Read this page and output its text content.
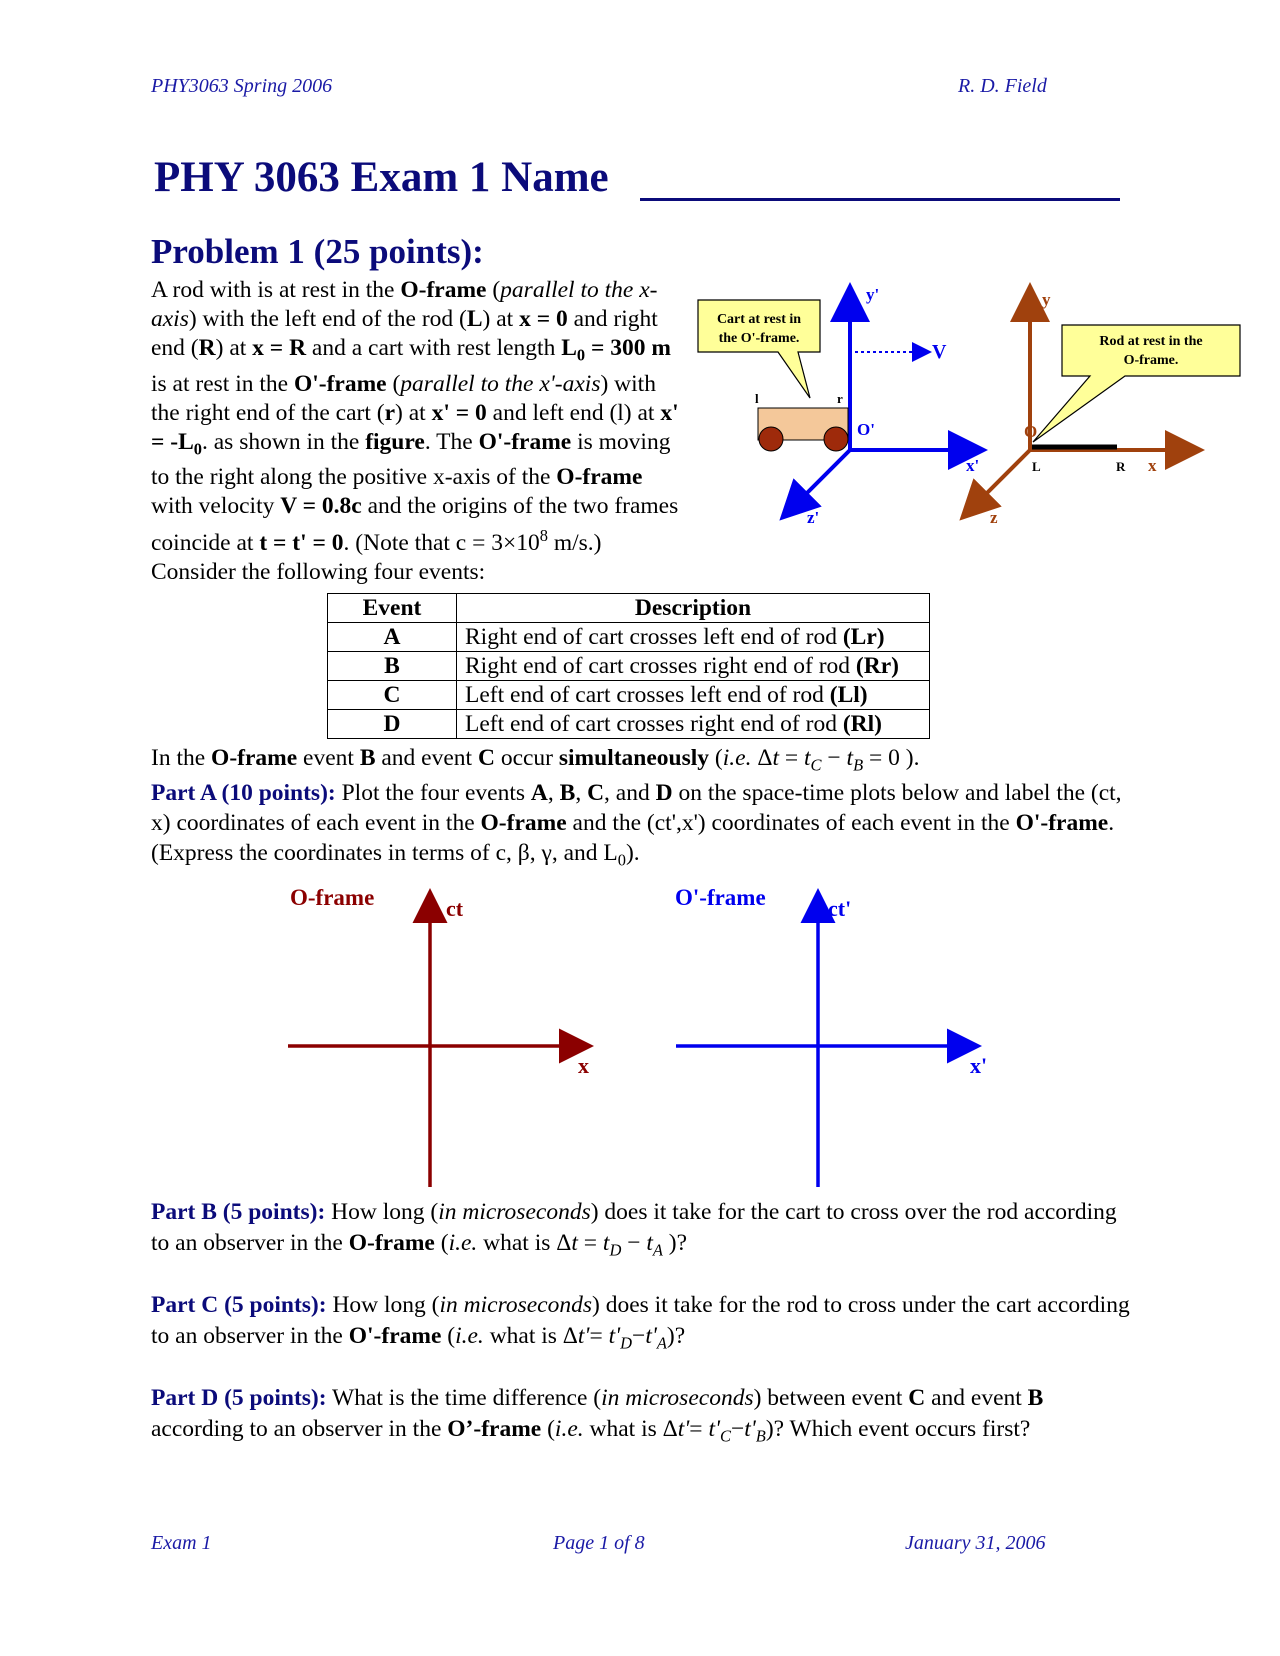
PHY3063 Spring 2006	R. D. Field
PHY 3063 Exam 1 Name
Problem 1 (25 points):
A rod with is at rest in the O-frame (parallel to the x-axis) with the left end of the rod (L) at x = 0 and right end (R) at x = R and a cart with rest length $L_0 = 300$ m is at rest in the O'-frame (parallel to the x'-axis) with the right end of the cart (r) at x' = 0 and left end (l) at $x' = -L_0$. as shown in the figure. The O'-frame is moving to the right along the positive x-axis of the O-frame with velocity V = 0.8c and the origins of the two frames coincide at t = t' = 0. (Note that $c = 3\times 10^8$ m/s.) Consider the following four events:
Cart at rest in
the O'-frame.	Rod at rest in the
O-frame.
y'
V
l	r
O'
x'
z'
y
O
L	R x
z
Event	Description
A	Right end of cart crosses left end of rod (Lr)
B	Right end of cart crosses right end of rod (Rr)
C	Left end of cart crosses left end of rod (Ll)
D	Left end of cart crosses right end of rod (Rl)
In the O-frame event B and event C occur simultaneously (i.e. $\Delta t = t_C - t_B = 0$ ).
Part A (10 points): Plot the four events A, B, C, and D on the space-time plots below and label the (ct, x) coordinates of each event in the O-frame and the (ct',x') coordinates of each event in the O'-frame. (Express the coordinates in terms of c, β, γ, and $L_0$).
O-frame	ct
x
O'-frame	ct'
x'
Part B (5 points): How long (in microseconds) does it take for the cart to cross over the rod according to an observer in the O-frame (i.e. what is $\Delta t = t_D - t_A$ )?
Part C (5 points): How long (in microseconds) does it take for the rod to cross under the cart according to an observer in the O'-frame (i.e. what is $\Delta t'= t'_D-t'_A$)?
Part D (5 points): What is the time difference (in microseconds) between event C and event B according to an observer in the O’-frame (i.e. what is $\Delta t'= t'_C-t'_B$)? Which event occurs first?
Exam 1	Page 1 of 8	January 31, 2006
